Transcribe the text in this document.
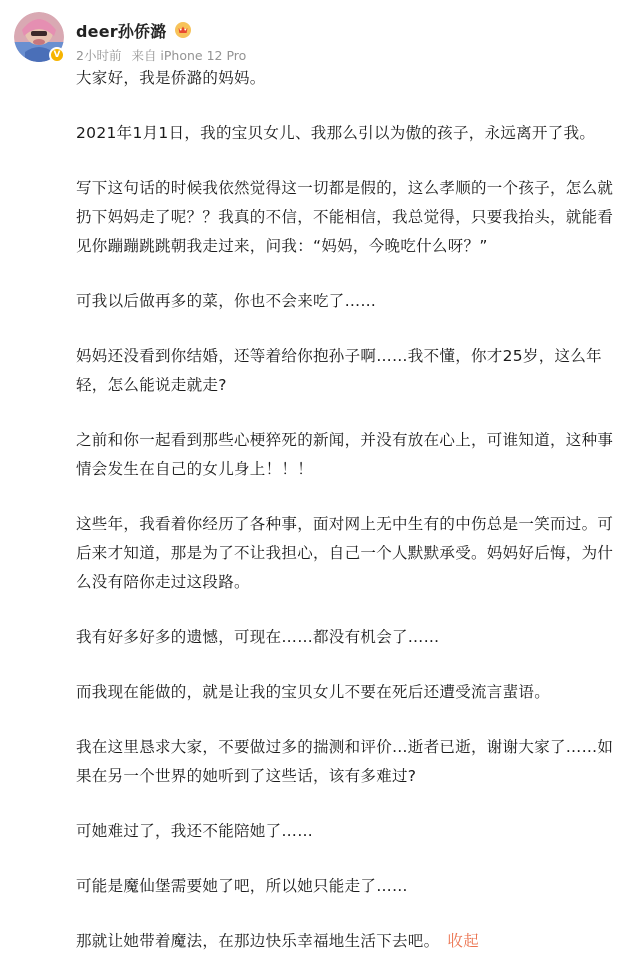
V
deer孙侨潞
2小时前 来自 iPhone 12 Pro

大家好，我是侨潞的妈妈。

2021年1月1日，我的宝贝女儿、我那么引以为傲的孩子，永远离开了我。

写下这句话的时候我依然觉得这一切都是假的，这么孝顺的一个孩子，怎么就扔下妈妈走了呢？？我真的不信，不能相信，我总觉得，只要我抬头，就能看见你蹦蹦跳跳朝我走过来，问我：“妈妈，今晚吃什么呀？”

可我以后做再多的菜，你也不会来吃了……

妈妈还没看到你结婚，还等着给你抱孙子啊……我不懂，你才25岁，这么年轻，怎么能说走就走?

之前和你一起看到那些心梗猝死的新闻，并没有放在心上，可谁知道，这种事情会发生在自己的女儿身上！！！

这些年，我看着你经历了各种事，面对网上无中生有的中伤总是一笑而过。可后来才知道，那是为了不让我担心，自己一个人默默承受。妈妈好后悔，为什么没有陪你走过这段路。

我有好多好多的遗憾，可现在……都没有机会了……

而我现在能做的，就是让我的宝贝女儿不要在死后还遭受流言蜚语。

我在这里恳求大家，不要做过多的揣测和评价…逝者已逝，谢谢大家了……如果在另一个世界的她听到了这些话，该有多难过?

可她难过了，我还不能陪她了……

可能是魔仙堡需要她了吧，所以她只能走了……

那就让她带着魔法，在那边快乐幸福地生活下去吧。 收起
